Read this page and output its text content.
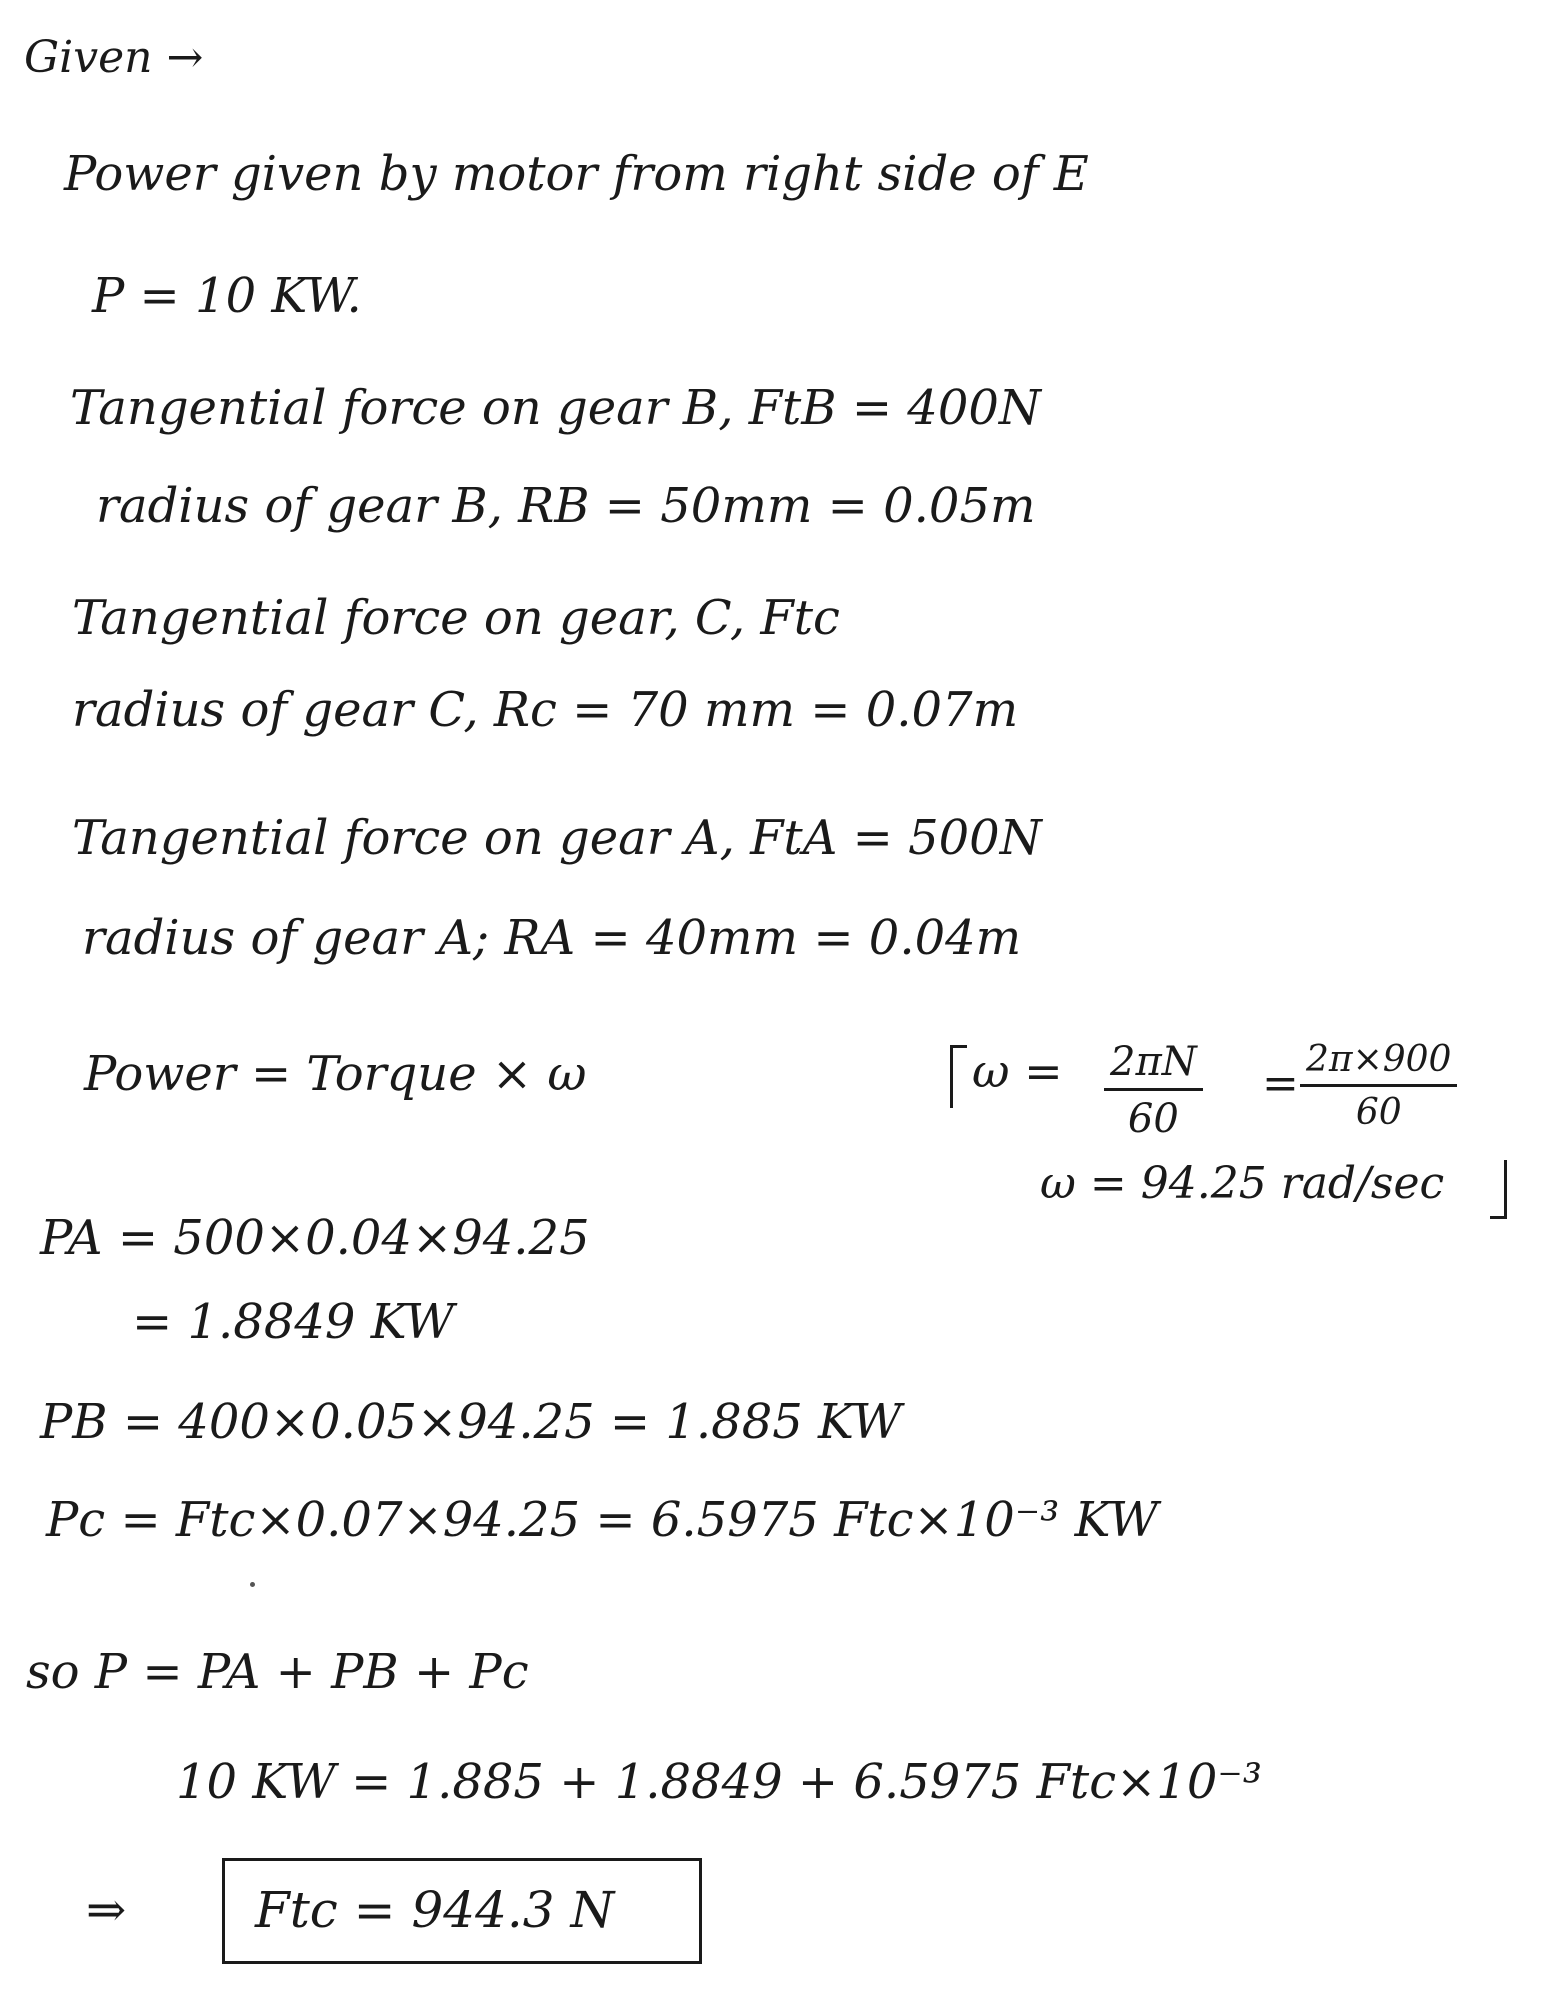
Given →
Power given by motor from right side of E
P = 10 KW.
Tangential force on gear B, FtB = 400N
radius of gear B, RB = 50mm = 0.05m
Tangential force on gear, C, Ftc
radius of gear C, Rc = 70 mm = 0.07m
Tangential force on gear A, FtA = 500N
radius of gear A; RA = 40mm = 0.04m
Power = Torque × ω	$\omega = \frac{2\pi N}{60} = \frac{2\pi\times 900}{60}$
ω = 94.25 rad/sec
PA = 500×0.04×94.25
= 1.8849 KW
PB = 400×0.05×94.25 = 1.885 KW
Pc = Ftc×0.07×94.25 = 6.5975 Ftc×10⁻³ KW
so P = PA + PB + Pc
10 KW = 1.885 + 1.8849 + 6.5975 Ftc×10⁻³
⇒	Ftc = 944.3 N
